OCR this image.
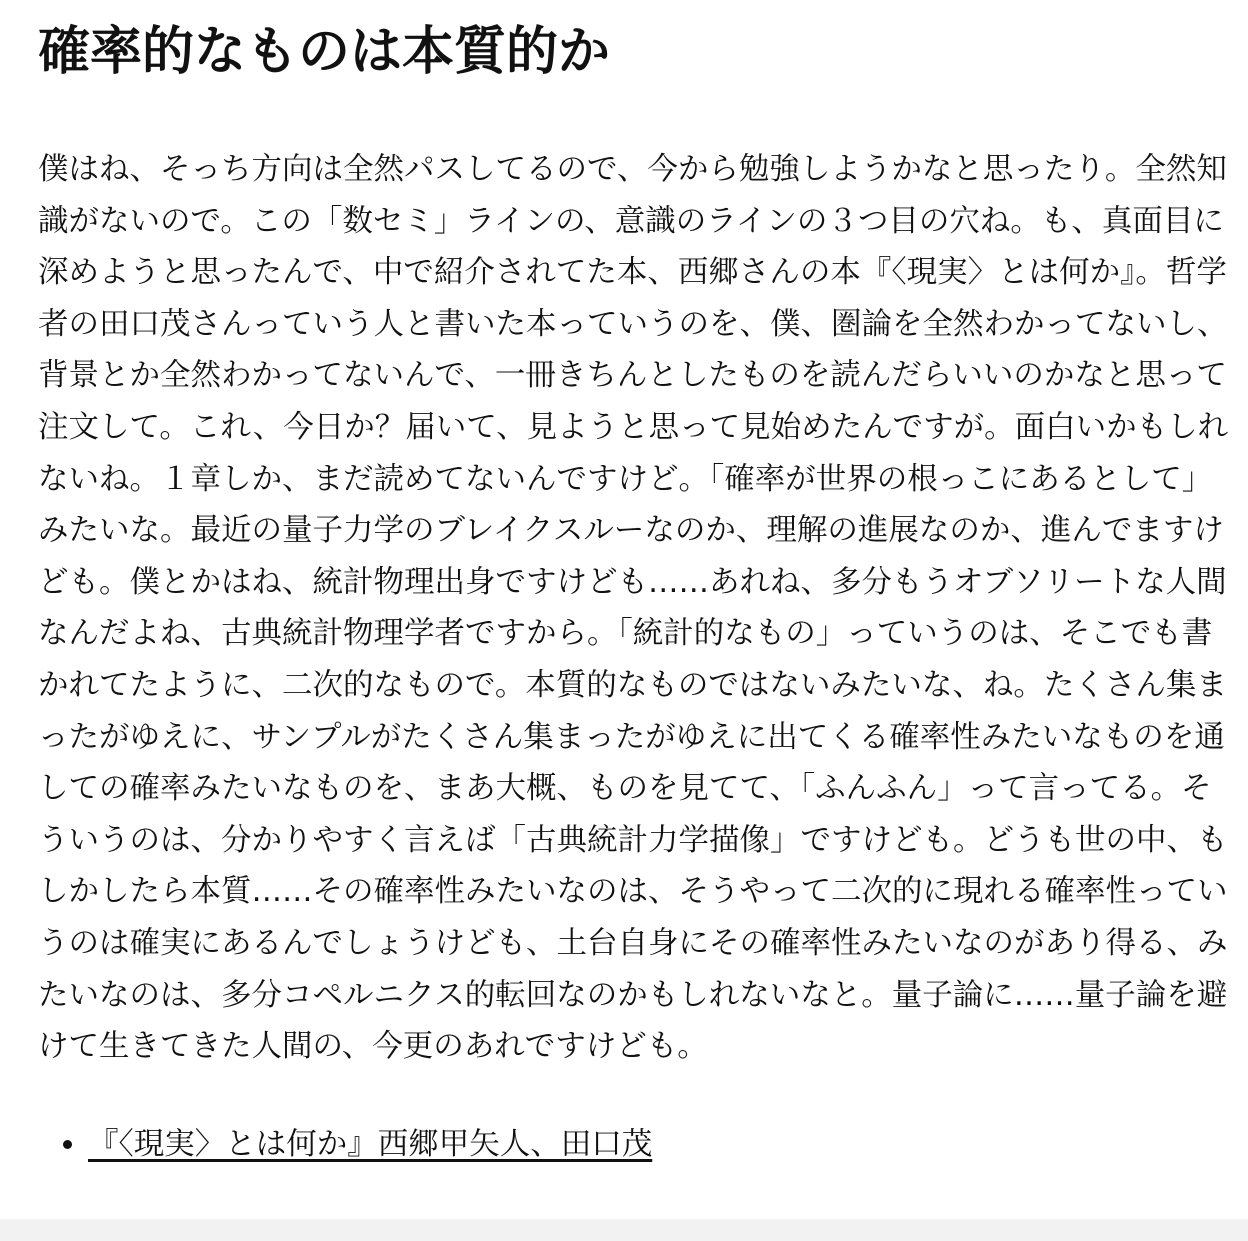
確率的なものは本質的か

僕はね、そっち方向は全然パスしてるので、今から勉強しようかなと思ったり。全然知識がないので。この「数セミ」ラインの、意識のラインの３つ目の穴ね。も、真面目に深めようと思ったんで、中で紹介されてた本、西郷さんの本『〈現実〉とは何か』。哲学者の田口茂さんっていう人と書いた本っていうのを、僕、圏論を全然わかってないし、背景とか全然わかってないんで、一冊きちんとしたものを読んだらいいのかなと思って注文して。これ、今日か？届いて、見ようと思って見始めたんですが。面白いかもしれないね。１章しか、まだ読めてないんですけど。「確率が世界の根っこにあるとして」みたいな。最近の量子力学のブレイクスルーなのか、理解の進展なのか、進んでますけども。僕とかはね、統計物理出身ですけども……あれね、多分もうオブソリートな人間なんだよね、古典統計物理学者ですから。「統計的なもの」っていうのは、そこでも書かれてたように、二次的なもので。本質的なものではないみたいな、ね。たくさん集まったがゆえに、サンプルがたくさん集まったがゆえに出てくる確率性みたいなものを通しての確率みたいなものを、まあ大概、ものを見てて、「ふんふん」って言ってる。そういうのは、分かりやすく言えば「古典統計力学描像」ですけども。どうも世の中、もしかしたら本質……その確率性みたいなのは、そうやって二次的に現れる確率性っていうのは確実にあるんでしょうけども、土台自身にその確率性みたいなのがあり得る、みたいなのは、多分コペルニクス的転回なのかもしれないなと。量子論に……量子論を避けて生きてきた人間の、今更のあれですけども。

• 『〈現実〉とは何か』西郷甲矢人、田口茂
